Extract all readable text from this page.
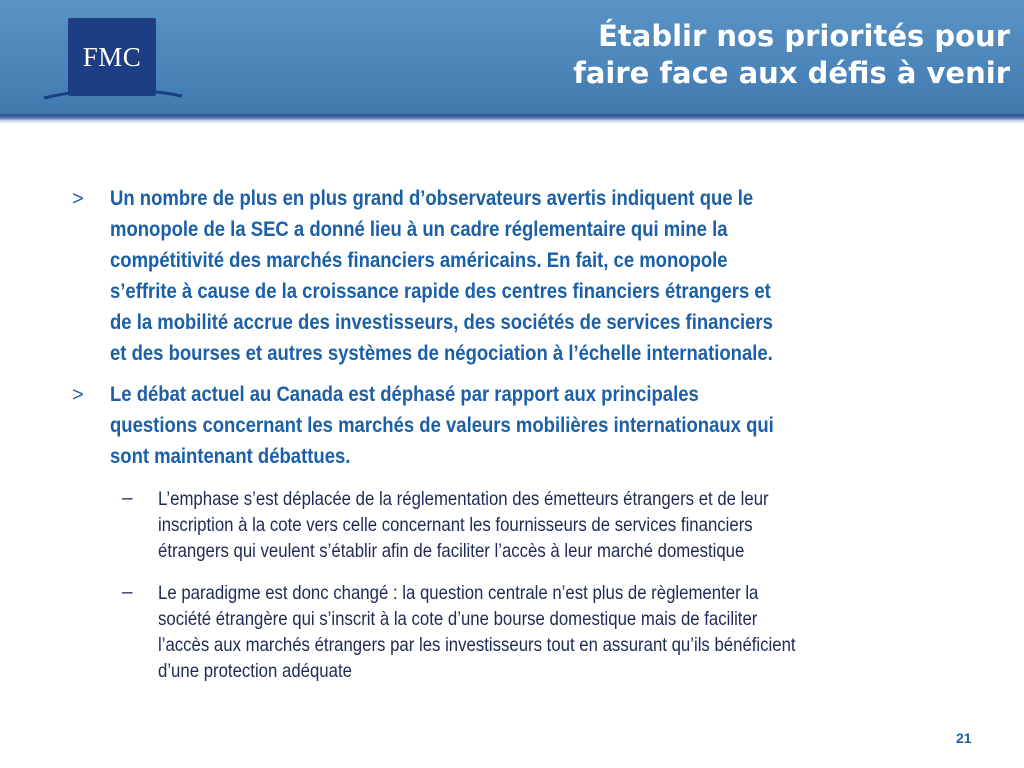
FMC
Établir nos priorités pour
faire face aux défis à venir
> Un nombre de plus en plus grand d’observateurs avertis indiquent que le
monopole de la SEC a donné lieu à un cadre réglementaire qui mine la
compétitivité des marchés financiers américains. En fait, ce monopole
s’effrite à cause de la croissance rapide des centres financiers étrangers et
de la mobilité accrue des investisseurs, des sociétés de services financiers
et des bourses et autres systèmes de négociation à l’échelle internationale.
> Le débat actuel au Canada est déphasé par rapport aux principales
questions concernant les marchés de valeurs mobilières internationaux qui
sont maintenant débattues.
– L’emphase s’est déplacée de la réglementation des émetteurs étrangers et de leur
inscription à la cote vers celle concernant les fournisseurs de services financiers
étrangers qui veulent s’établir afin de faciliter l’accès à leur marché domestique
– Le paradigme est donc changé : la question centrale n’est plus de règlementer la
société étrangère qui s’inscrit à la cote d’une bourse domestique mais de faciliter
l’accès aux marchés étrangers par les investisseurs tout en assurant qu’ils bénéficient
d’une protection adéquate
21
